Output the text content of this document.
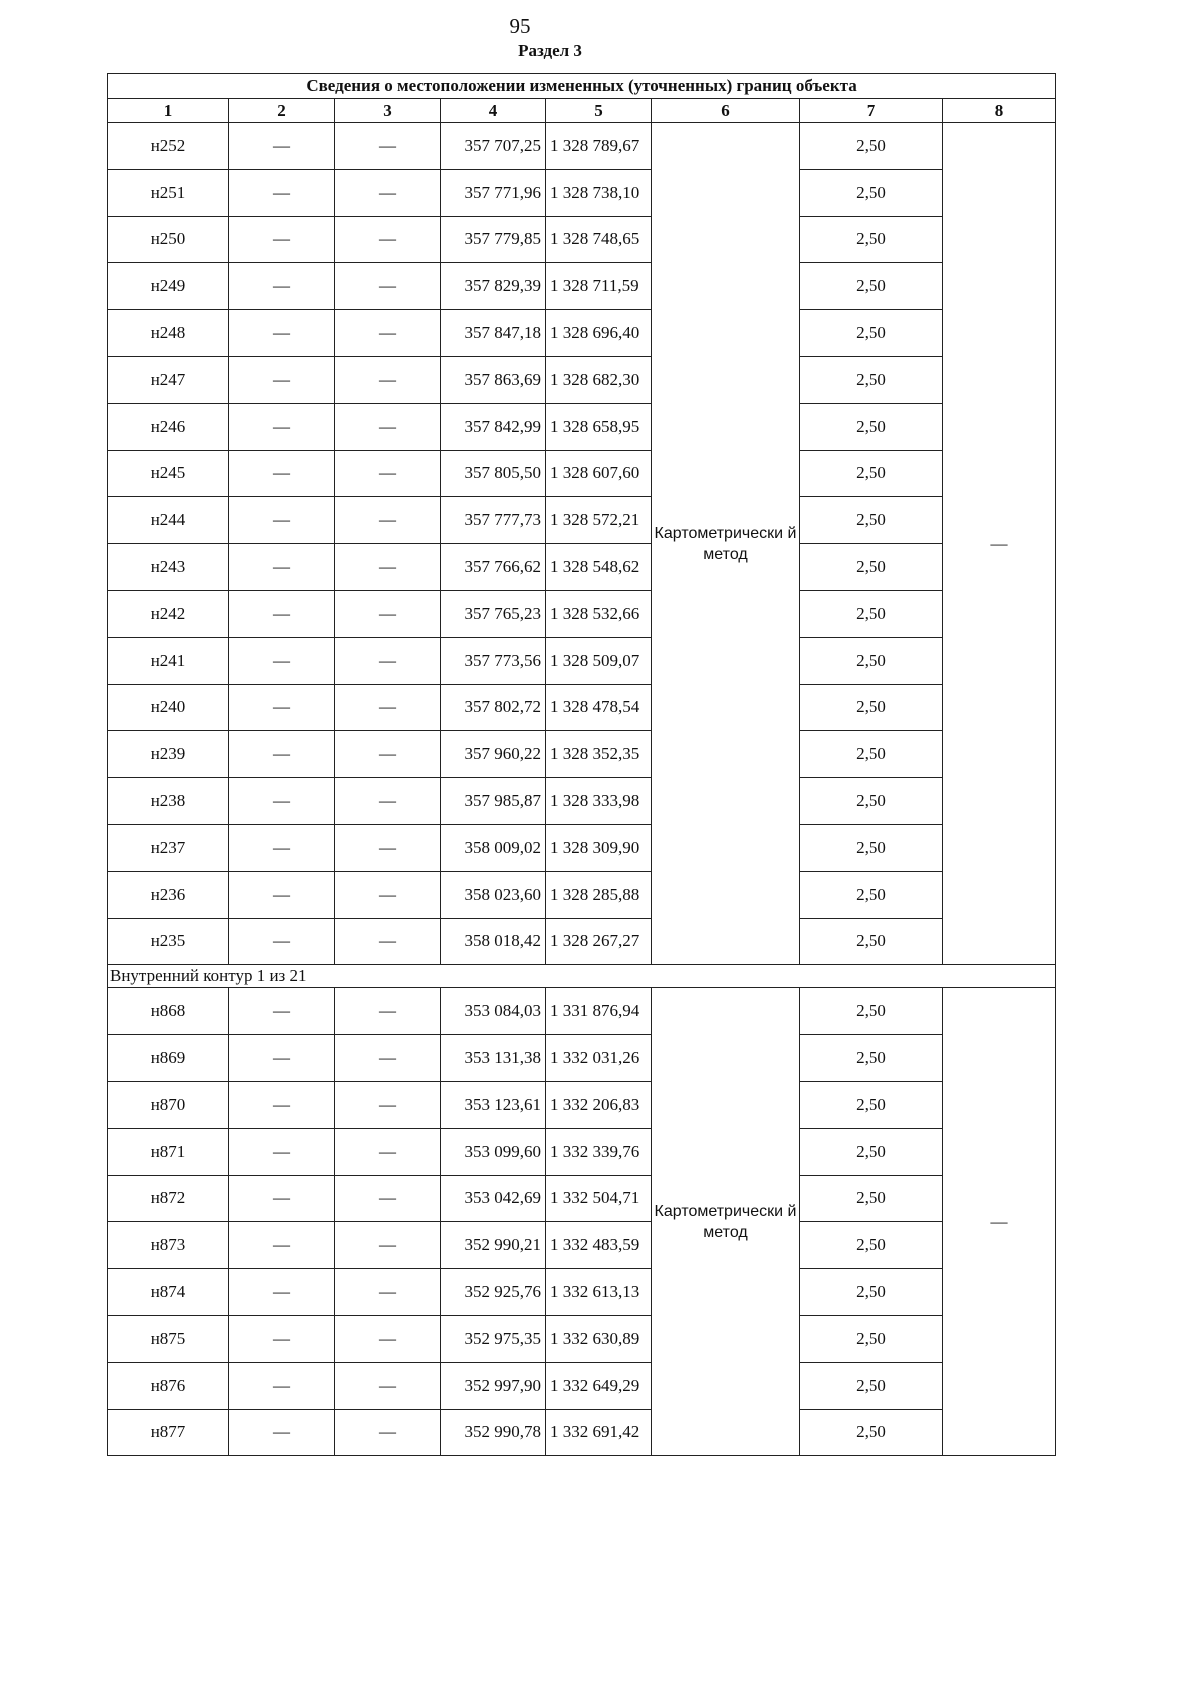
95
Раздел 3
Сведения о местоположении измененных (уточненных) границ объекта							
1	2	3	4	5	6	7	8
н252	—	—	357 707,25	1 328 789,67	Картометрически й метод	2,50	—
н251	—	—	357 771,96	1 328 738,10		2,50	
н250	—	—	357 779,85	1 328 748,65		2,50	
н249	—	—	357 829,39	1 328 711,59		2,50	
н248	—	—	357 847,18	1 328 696,40		2,50	
н247	—	—	357 863,69	1 328 682,30		2,50	
н246	—	—	357 842,99	1 328 658,95		2,50	
н245	—	—	357 805,50	1 328 607,60		2,50	
н244	—	—	357 777,73	1 328 572,21		2,50	
н243	—	—	357 766,62	1 328 548,62		2,50	
н242	—	—	357 765,23	1 328 532,66		2,50	
н241	—	—	357 773,56	1 328 509,07		2,50	
н240	—	—	357 802,72	1 328 478,54		2,50	
н239	—	—	357 960,22	1 328 352,35		2,50	
н238	—	—	357 985,87	1 328 333,98		2,50	
н237	—	—	358 009,02	1 328 309,90		2,50	
н236	—	—	358 023,60	1 328 285,88		2,50	
н235	—	—	358 018,42	1 328 267,27		2,50	
Внутренний контур 1 из 21							
н868	—	—	353 084,03	1 331 876,94	Картометрически й метод	2,50	—
н869	—	—	353 131,38	1 332 031,26		2,50	
н870	—	—	353 123,61	1 332 206,83		2,50	
н871	—	—	353 099,60	1 332 339,76		2,50	
н872	—	—	353 042,69	1 332 504,71		2,50	
н873	—	—	352 990,21	1 332 483,59		2,50	
н874	—	—	352 925,76	1 332 613,13		2,50	
н875	—	—	352 975,35	1 332 630,89		2,50	
н876	—	—	352 997,90	1 332 649,29		2,50	
н877	—	—	352 990,78	1 332 691,42		2,50	
